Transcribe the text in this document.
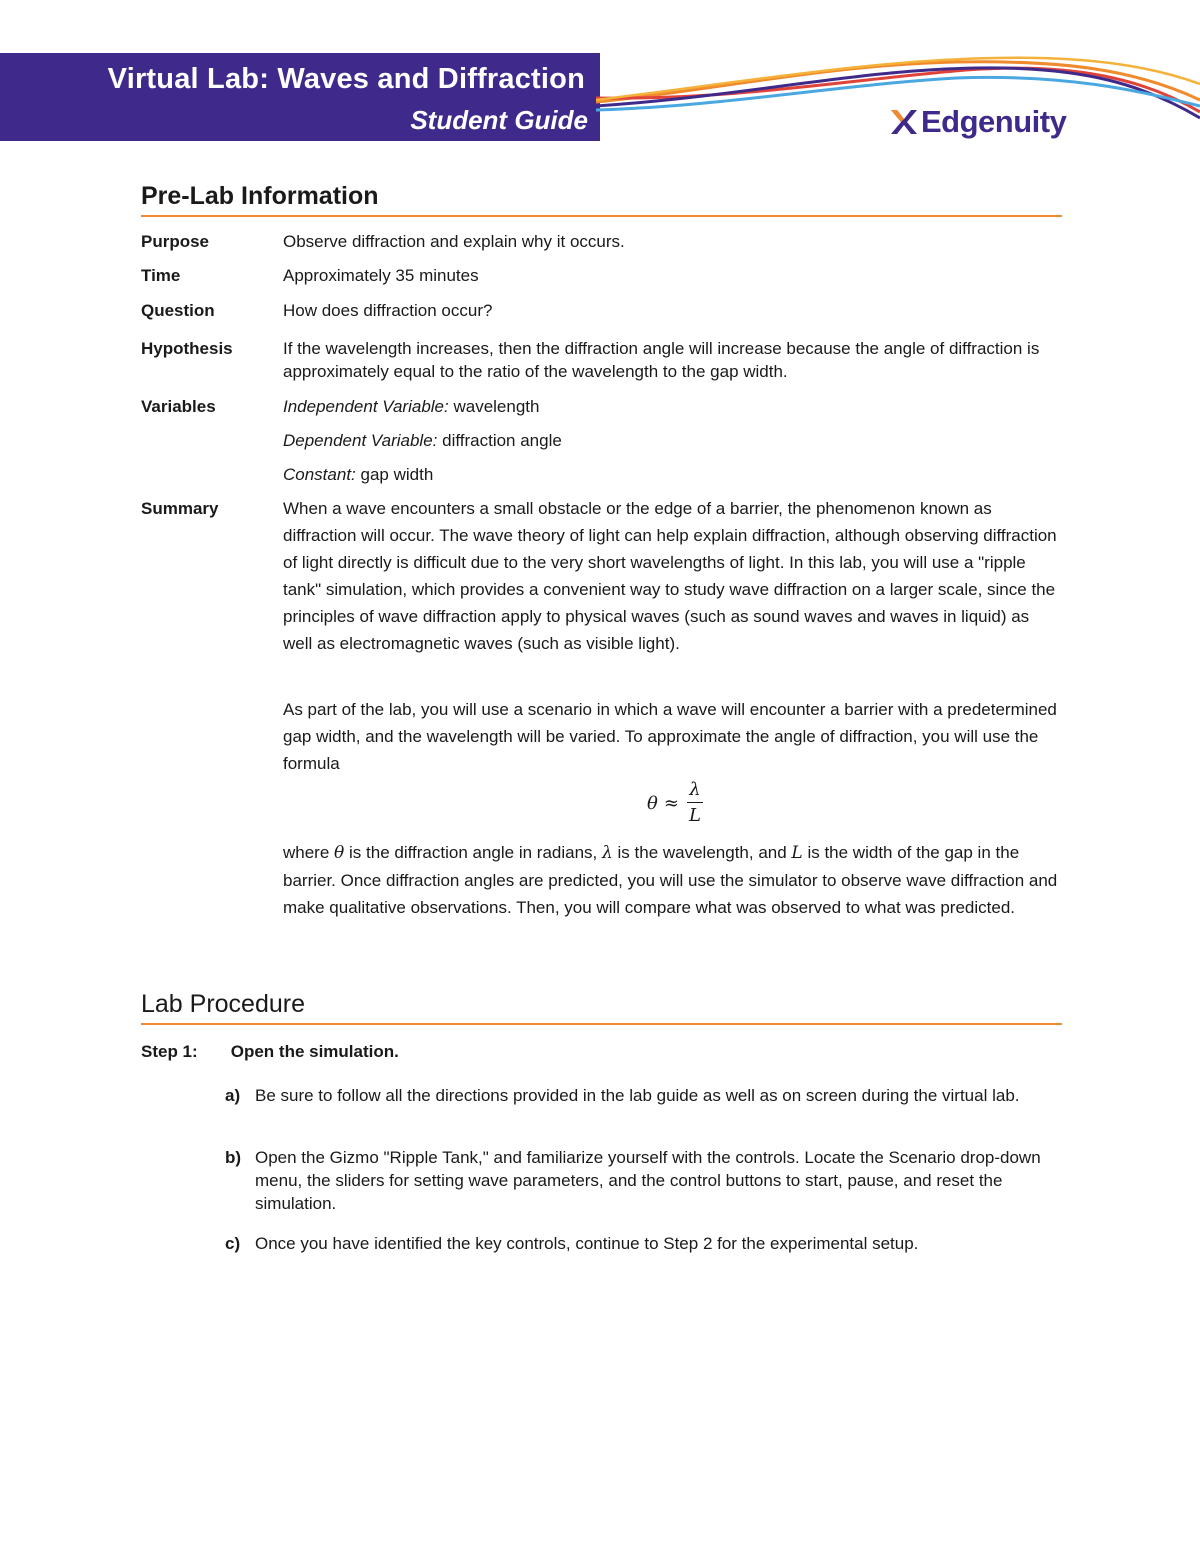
Virtual Lab: Waves and Diffraction
Student Guide	Edgenuity
Pre-Lab Information
Purpose	Observe diffraction and explain why it occurs.
Time	Approximately 35 minutes
Question	How does diffraction occur?
Hypothesis	If the wavelength increases, then the diffraction angle will increase because the angle of diffraction is approximately equal to the ratio of the wavelength to the gap width.
Variables	Independent Variable: wavelength
Dependent Variable: diffraction angle
Constant: gap width
Summary	When a wave encounters a small obstacle or the edge of a barrier, the phenomenon known as diffraction will occur. The wave theory of light can help explain diffraction, although observing diffraction of light directly is difficult due to the very short wavelengths of light. In this lab, you will use a "ripple tank" simulation, which provides a convenient way to study wave diffraction on a larger scale, since the principles of wave diffraction apply to physical waves (such as sound waves and waves in liquid) as well as electromagnetic waves (such as visible light).
As part of the lab, you will use a scenario in which a wave will encounter a barrier with a predetermined gap width, and the wavelength will be varied. To approximate the angle of diffraction, you will use the formula
$\theta \approx \frac{\lambda}{L}$
where θ is the diffraction angle in radians, λ is the wavelength, and L is the width of the gap in the barrier. Once diffraction angles are predicted, you will use the simulator to observe wave diffraction and make qualitative observations. Then, you will compare what was observed to what was predicted.
Lab Procedure
Step 1: Open the simulation.
a) Be sure to follow all the directions provided in the lab guide as well as on screen during the virtual lab.
b) Open the Gizmo "Ripple Tank," and familiarize yourself with the controls. Locate the Scenario drop-down menu, the sliders for setting wave parameters, and the control buttons to start, pause, and reset the simulation.
c) Once you have identified the key controls, continue to Step 2 for the experimental setup.
